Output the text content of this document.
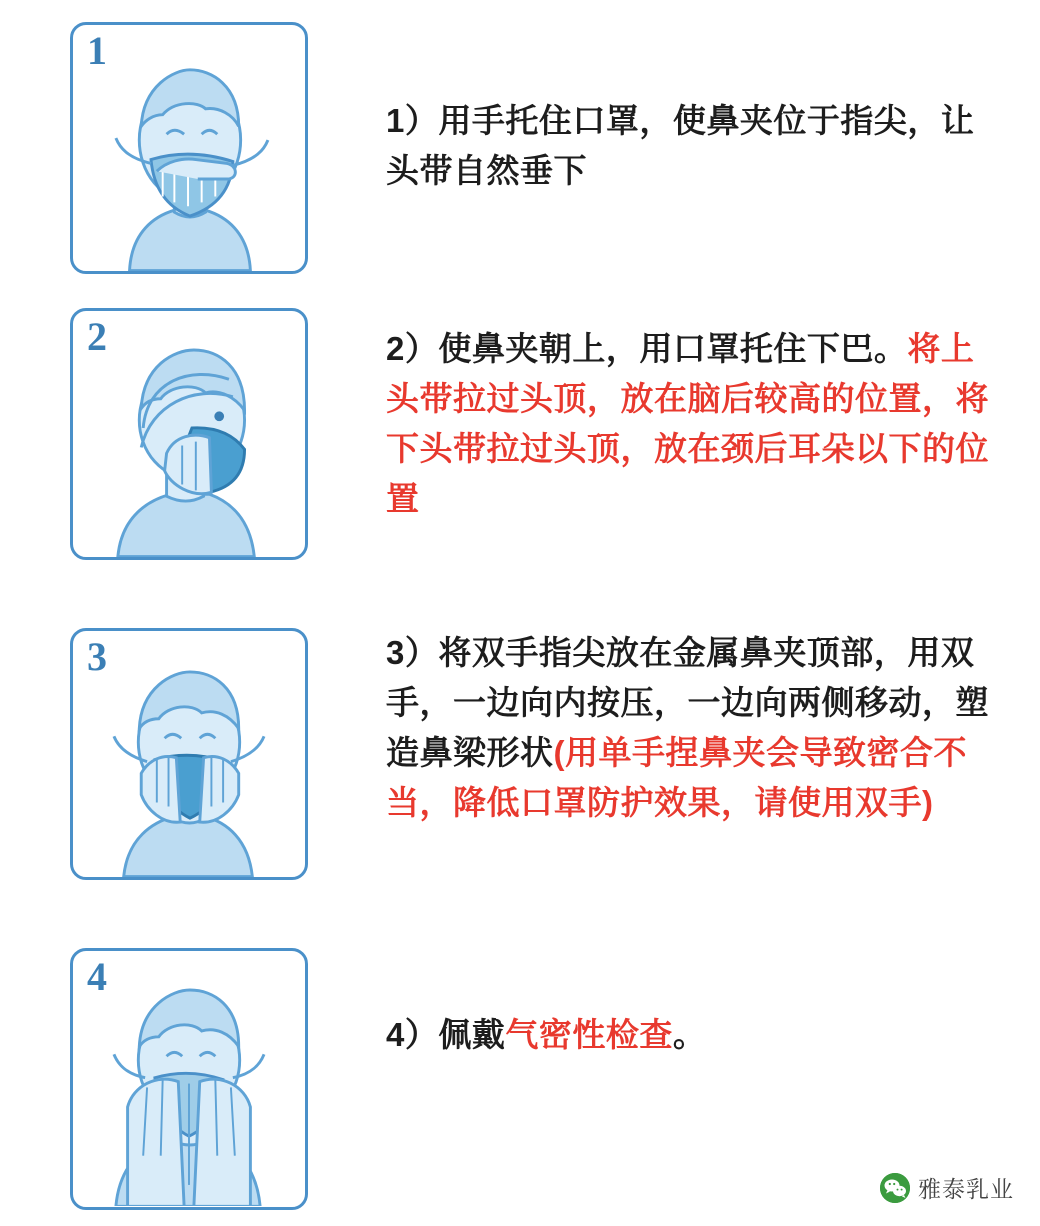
1

1）用手托住口罩，使鼻夹位于指尖，让头带自然垂下

2	2）使鼻夹朝上，用口罩托住下巴。将上头带拉过头顶，放在脑后较高的位置，将下头带拉过头顶，放在颈后耳朵以下的位置

3	3）将双手指尖放在金属鼻夹顶部，用双手，一边向内按压，一边向两侧移动，塑造鼻梁形状(用单手捏鼻夹会导致密合不当，降低口罩防护效果，请使用双手)

4

4）佩戴气密性检查。

雅泰乳业
